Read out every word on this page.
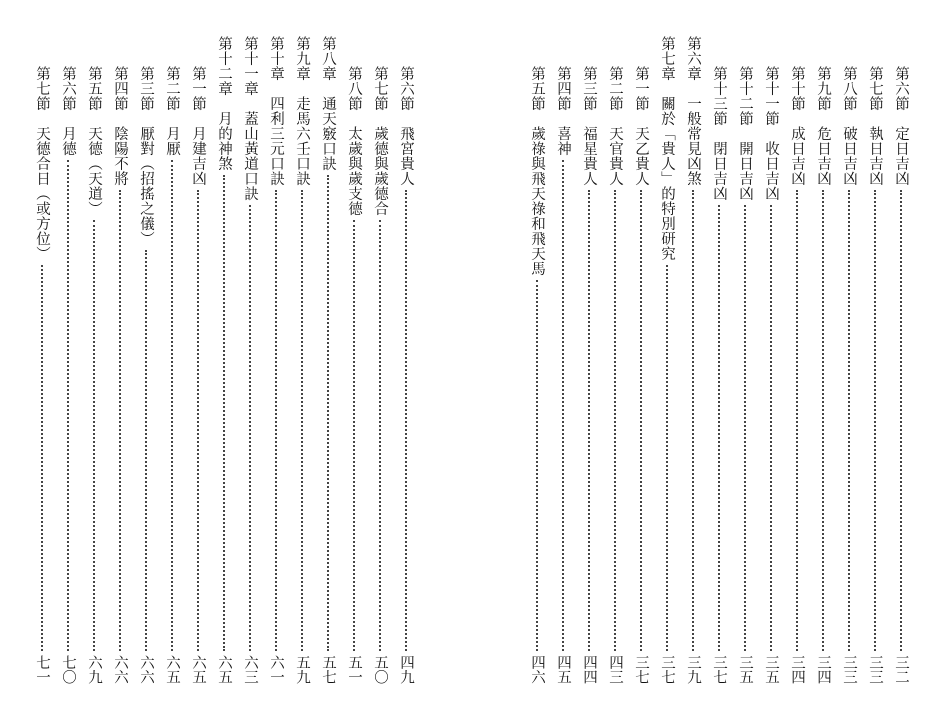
第六節　飛宮貴人
四九
第七節　歲德與歲德合
五〇
第八節　太歲與歲支德
五一
第八章　通天竅口訣
五七
第九章　走馬六壬口訣
五九
第十章　四利三元口訣
六一
第十一章　蓋山黃道口訣
六三
第十二章　月的神煞
六五
第一節　月建吉凶
六五
第二節　月厭
六五
第三節　厭對（招搖之儀）
六六
第四節　陰陽不將
六六
第五節　天德（天道）
六九
第六節　月德
七〇
第七節　天德合日（或方位）
七一
第六節　定日吉凶
三二
第七節　執日吉凶
三三
第八節　破日吉凶
三三
第九節　危日吉凶
三四
第十節　成日吉凶
三四
第十一節　收日吉凶
三五
第十二節　開日吉凶
三五
第十三節　閉日吉凶
三七
第六章　一般常見凶煞
三九
第七章　關於「貴人」的特別研究
三七
第一節　天乙貴人
三七
第二節　天官貴人
四三
第三節　福星貴人
四四
第四節　喜神
四五
第五節　歲祿與飛天祿和飛天馬
四六
